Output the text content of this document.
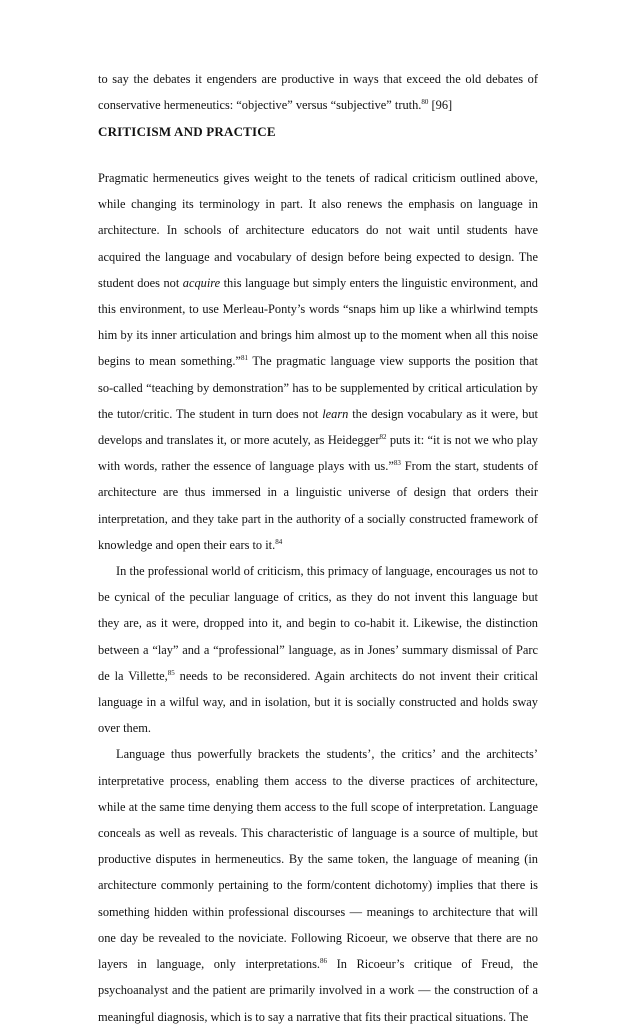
to say the debates it engenders are productive in ways that exceed the old debates of conservative hermeneutics: “objective” versus “subjective” truth.$^{80}$ [96]

CRITICISM AND PRACTICE

Pragmatic hermeneutics gives weight to the tenets of radical criticism outlined above, while changing its terminology in part. It also renews the emphasis on language in architecture. In schools of architecture educators do not wait until students have acquired the language and vocabulary of design before being expected to design. The student does not acquire this language but simply enters the linguistic environment, and this environment, to use Merleau-Ponty’s words “snaps him up like a whirlwind tempts him by its inner articulation and brings him almost up to the moment when all this noise begins to mean something.”$^{81}$ The pragmatic language view supports the position that so-called “teaching by demonstration” has to be supplemented by critical articulation by the tutor/critic. The student in turn does not learn the design vocabulary as it were, but develops and translates it, or more acutely, as Heidegger$^{82}$ puts it: “it is not we who play with words, rather the essence of language plays with us.”$^{83}$ From the start, students of architecture are thus immersed in a linguistic universe of design that orders their interpretation, and they take part in the authority of a socially constructed framework of knowledge and open their ears to it.$^{84}$

In the professional world of criticism, this primacy of language, encourages us not to be cynical of the peculiar language of critics, as they do not invent this language but they are, as it were, dropped into it, and begin to co-habit it. Likewise, the distinction between a “lay” and a “professional” language, as in Jones’ summary dismissal of Parc de la Villette,$^{85}$ needs to be reconsidered. Again architects do not invent their critical language in a wilful way, and in isolation, but it is socially constructed and holds sway over them.

Language thus powerfully brackets the students’, the critics’ and the architects’ interpretative process, enabling them access to the diverse practices of architecture, while at the same time denying them access to the full scope of interpretation. Language conceals as well as reveals. This characteristic of language is a source of multiple, but productive disputes in hermeneutics. By the same token, the language of meaning (in architecture commonly pertaining to the form/content dichotomy) implies that there is something hidden within professional discourses — meanings to architecture that will one day be revealed to the noviciate. Following Ricoeur, we observe that there are no layers in language, only interpretations.$^{86}$ In Ricoeur’s critique of Freud, the psychoanalyst and the patient are primarily involved in a work — the construction of a meaningful diagnosis, which is to say a narrative that fits their practical situations. The
